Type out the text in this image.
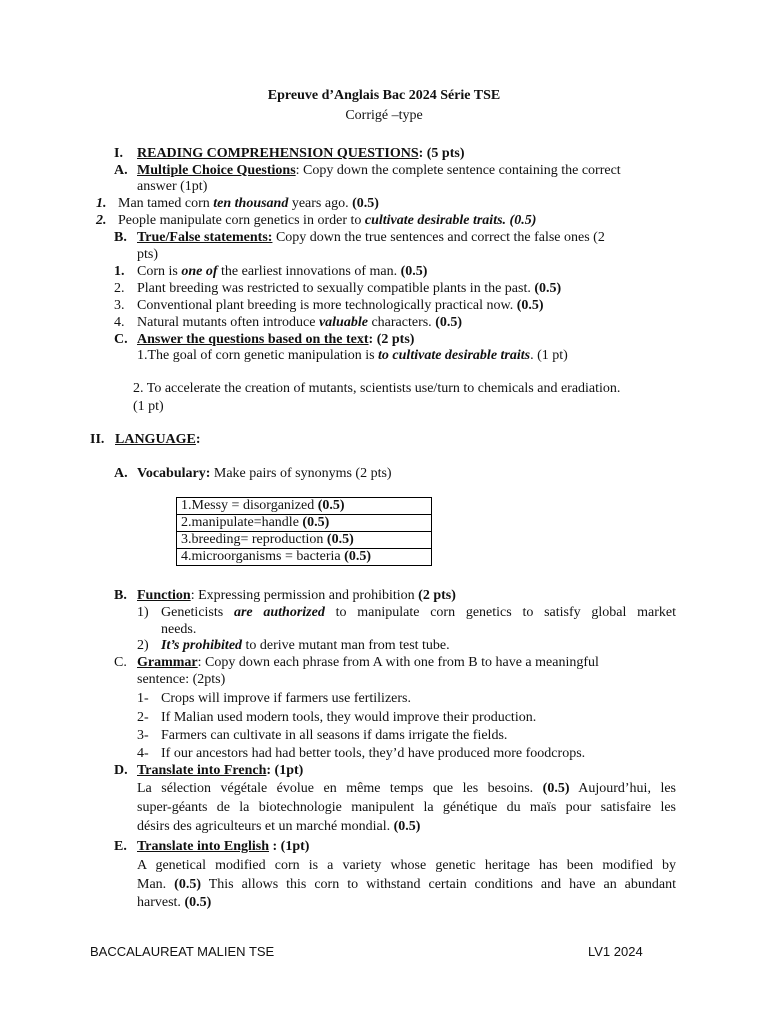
Epreuve d’Anglais Bac 2024 Série TSE
Corrigé –type
I. READING COMPREHENSION QUESTIONS: (5 pts)
A. Multiple Choice Questions: Copy down the complete sentence containing the correct
answer (1pt)
1. Man tamed corn ten thousand years ago. (0.5)
2. People manipulate corn genetics in order to cultivate desirable traits. (0.5)
B. True/False statements: Copy down the true sentences and correct the false ones (2
pts)
1. Corn is one of the earliest innovations of man. (0.5)
2. Plant breeding was restricted to sexually compatible plants in the past. (0.5)
3. Conventional plant breeding is more technologically practical now. (0.5)
4. Natural mutants often introduce valuable characters. (0.5)
C. Answer the questions based on the text: (2 pts)
1.The goal of corn genetic manipulation is to cultivate desirable traits. (1 pt)
2. To accelerate the creation of mutants, scientists use/turn to chemicals and eradiation.
(1 pt)
II. LANGUAGE:
A. Vocabulary: Make pairs of synonyms (2 pts)
1.Messy = disorganized (0.5)
2.manipulate=handle (0.5)
3.breeding= reproduction (0.5)
4.microorganisms = bacteria (0.5)
B. Function: Expressing permission and prohibition (2 pts)
1) Geneticists are authorized to manipulate corn genetics to satisfy global market
needs.
2) It’s prohibited to derive mutant man from test tube.
C. Grammar: Copy down each phrase from A with one from B to have a meaningful
sentence: (2pts)
1- Crops will improve if farmers use fertilizers.
2- If Malian used modern tools, they would improve their production.
3- Farmers can cultivate in all seasons if dams irrigate the fields.
4- If our ancestors had had better tools, they’d have produced more foodcrops.
D. Translate into French: (1pt)
La sélection végétale évolue en même temps que les besoins. (0.5) Aujourd’hui, les
super-géants de la biotechnologie manipulent la génétique du maïs pour satisfaire les
désirs des agriculteurs et un marché mondial. (0.5)
E. Translate into English : (1pt)
A genetical modified corn is a variety whose genetic heritage has been modified by
Man. (0.5) This allows this corn to withstand certain conditions and have an abundant
harvest. (0.5)
BACCALAUREAT MALIEN TSE	LV1 2024
